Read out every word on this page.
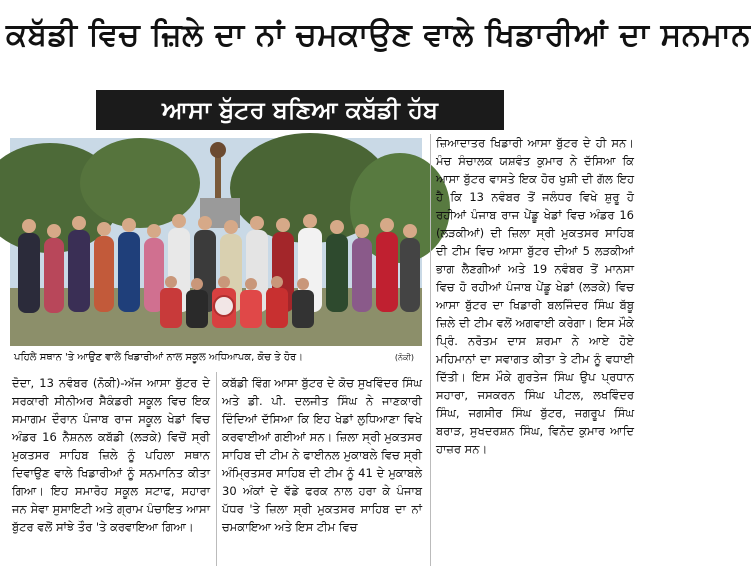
ਕਬੱਡੀ ਵਿਚ ਜ਼ਿਲੇ ਦਾ ਨਾਂ ਚਮਕਾਉਣ ਵਾਲੇ ਖਿਡਾਰੀਆਂ ਦਾ ਸਨਮਾਨ
ਆਸਾ ਬੁੱਟਰ ਬਣਿਆ ਕਬੱਡੀ ਹੱਬ
ਪਹਿਲੇ ਸਥਾਨ 'ਤੇ ਆਉਣ ਵਾਲੇ ਖਿਡਾਰੀਆਂ ਨਾਲ ਸਕੂਲ ਅਧਿਆਪਕ, ਕੋਚ ਤੇ ਹੋਰ।	(ਨੋਕੀ)

ਦੋਦਾ, 13 ਨਵੰਬਰ (ਨੋਕੀ)-ਅੱਜ ਆਸਾ ਬੁੱਟਰ ਦੇ ਸਰਕਾਰੀ ਸੀਨੀਅਰ ਸੈਕੰਡਰੀ ਸਕੂਲ ਵਿਚ ਇਕ ਸਮਾਗਮ ਦੌਰਾਨ ਪੰਜਾਬ ਰਾਜ ਸਕੂਲ ਖੇਡਾਂ ਵਿਚ ਅੰਡਰ 16 ਨੈਸ਼ਨਲ ਕਬੱਡੀ (ਲੜਕੇ) ਵਿਚੋਂ ਸ੍ਰੀ ਮੁਕਤਸਰ ਸਾਹਿਬ ਜ਼ਿਲੇ ਨੂੰ ਪਹਿਲਾ ਸਥਾਨ ਦਿਵਾਉਣ ਵਾਲੇ ਖਿਡਾਰੀਆਂ ਨੂੰ ਸਨਮਾਨਿਤ ਕੀਤਾ ਗਿਆ। ਇਹ ਸਮਾਰੋਹ ਸਕੂਲ ਸਟਾਫ, ਸਹਾਰਾ ਜਨ ਸੇਵਾ ਸੁਸਾਇਟੀ ਅਤੇ ਗ੍ਰਾਮ ਪੰਚਾਇਤ ਆਸਾ ਬੁੱਟਰ ਵਲੋਂ ਸਾਂਝੇ ਤੌਰ 'ਤੇ ਕਰਵਾਇਆ ਗਿਆ।

ਕਬੱਡੀ ਵਿੰਗ ਆਸਾ ਬੁੱਟਰ ਦੇ ਕੋਚ ਸੁਖਵਿੰਦਰ ਸਿੰਘ ਅਤੇ ਡੀ. ਪੀ. ਦਲਜੀਤ ਸਿੰਘ ਨੇ ਜਾਣਕਾਰੀ ਦਿੰਦਿਆਂ ਦੱਸਿਆ ਕਿ ਇਹ ਖੇਡਾਂ ਲੁਧਿਆਣਾ ਵਿਖੇ ਕਰਵਾਈਆਂ ਗਈਆਂ ਸਨ। ਜ਼ਿਲਾ ਸ੍ਰੀ ਮੁਕਤਸਰ ਸਾਹਿਬ ਦੀ ਟੀਮ ਨੇ ਫਾਈਨਲ ਮੁਕਾਬਲੇ ਵਿਚ ਸ੍ਰੀ ਅੰਮ੍ਰਿਤਸਰ ਸਾਹਿਬ ਦੀ ਟੀਮ ਨੂੰ 41 ਦੇ ਮੁਕਾਬਲੇ 30 ਅੰਕਾਂ ਦੇ ਵੱਡੇ ਫਰਕ ਨਾਲ ਹਰਾ ਕੇ ਪੰਜਾਬ ਪੱਧਰ 'ਤੇ ਜ਼ਿਲਾ ਸ੍ਰੀ ਮੁਕਤਸਰ ਸਾਹਿਬ ਦਾ ਨਾਂ ਚਮਕਾਇਆ ਅਤੇ ਇਸ ਟੀਮ ਵਿਚ

ਜ਼ਿਆਦਾਤਰ ਖਿਡਾਰੀ ਆਸਾ ਬੁੱਟਰ ਦੇ ਹੀ ਸਨ। ਮੰਚ ਸੰਚਾਲਕ ਯਸ਼ਵੰਤ ਕੁਮਾਰ ਨੇ ਦੱਸਿਆ ਕਿ ਆਸਾ ਬੁੱਟਰ ਵਾਸਤੇ ਇਕ ਹੋਰ ਖੁਸ਼ੀ ਦੀ ਗੱਲ ਇਹ ਹੈ ਕਿ 13 ਨਵੰਬਰ ਤੋਂ ਜਲੰਧਰ ਵਿਖੇ ਸ਼ੁਰੂ ਹੋ ਰਹੀਆਂ ਪੰਜਾਬ ਰਾਜ ਪੇਂਡੂ ਖੇਡਾਂ ਵਿਚ ਅੰਡਰ 16 (ਲੜਕੀਆਂ) ਦੀ ਜ਼ਿਲਾ ਸ੍ਰੀ ਮੁਕਤਸਰ ਸਾਹਿਬ ਦੀ ਟੀਮ ਵਿਚ ਆਸਾ ਬੁੱਟਰ ਦੀਆਂ 5 ਲੜਕੀਆਂ ਭਾਗ ਲੈਣਗੀਆਂ ਅਤੇ 19 ਨਵੰਬਰ ਤੋਂ ਮਾਨਸਾ ਵਿਚ ਹੋ ਰਹੀਆਂ ਪੰਜਾਬ ਪੇਂਡੂ ਖੇਡਾਂ (ਲੜਕੇ) ਵਿਚ ਆਸਾ ਬੁੱਟਰ ਦਾ ਖਿਡਾਰੀ ਬਲਜਿੰਦਰ ਸਿੰਘ ਬੱਬੂ ਜ਼ਿਲੇ ਦੀ ਟੀਮ ਵਲੋਂ ਅਗਵਾਈ ਕਰੇਗਾ। ਇਸ ਮੌਕੇ ਪ੍ਰਿੰ. ਨਰੋਤਮ ਦਾਸ ਸ਼ਰਮਾ ਨੇ ਆਏ ਹੋਏ ਮਹਿਮਾਨਾਂ ਦਾ ਸਵਾਗਤ ਕੀਤਾ ਤੇ ਟੀਮ ਨੂੰ ਵਧਾਈ ਦਿੱਤੀ। ਇਸ ਮੌਕੇ ਗੁਰਤੇਜ ਸਿੰਘ ਉਪ ਪ੍ਰਧਾਨ ਸਹਾਰਾ, ਜਸਕਰਨ ਸਿੰਘ ਪੀਟਲ, ਲਖਵਿੰਦਰ ਸਿੰਘ, ਜਗਸੀਰ ਸਿੰਘ ਬੁੱਟਰ, ਜਗਰੂਪ ਸਿੰਘ ਬਰਾੜ, ਸੁਖਦਰਸ਼ਨ ਸਿੰਘ, ਵਿਨੋਦ ਕੁਮਾਰ ਆਦਿ ਹਾਜ਼ਰ ਸਨ।
